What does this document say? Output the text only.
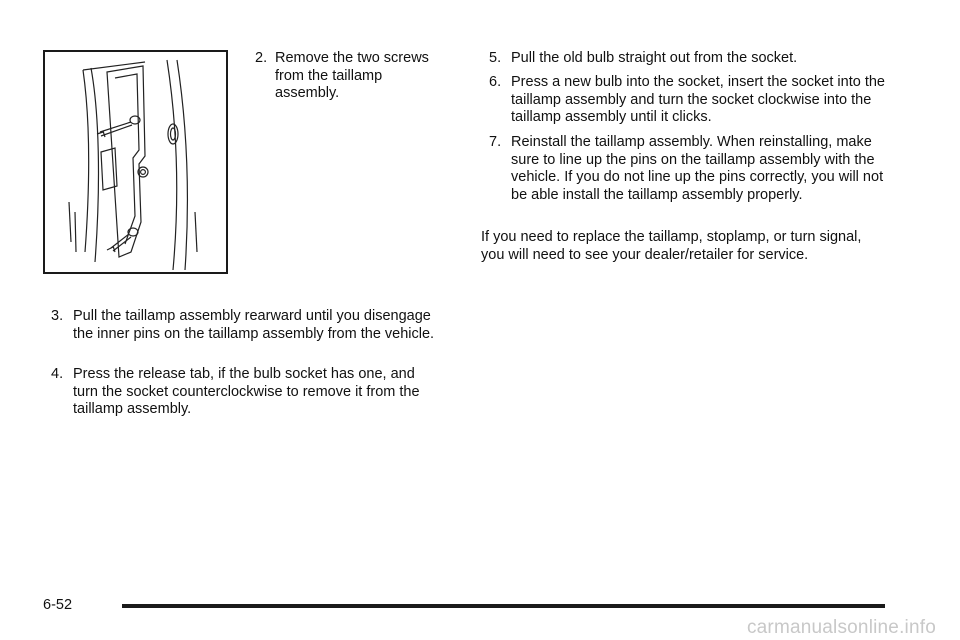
2. Remove the two screws from the taillamp assembly.
3. Pull the taillamp assembly rearward until you disengage the inner pins on the taillamp assembly from the vehicle.
4. Press the release tab, if the bulb socket has one, and turn the socket counterclockwise to remove it from the taillamp assembly.
5. Pull the old bulb straight out from the socket.
6. Press a new bulb into the socket, insert the socket into the taillamp assembly and turn the socket clockwise into the taillamp assembly until it clicks.
7. Reinstall the taillamp assembly. When reinstalling, make sure to line up the pins on the taillamp assembly with the vehicle. If you do not line up the pins correctly, you will not be able install the taillamp assembly properly.
If you need to replace the taillamp, stoplamp, or turn signal, you will need to see your dealer/retailer for service.
6-52
carmanualsonline.info
